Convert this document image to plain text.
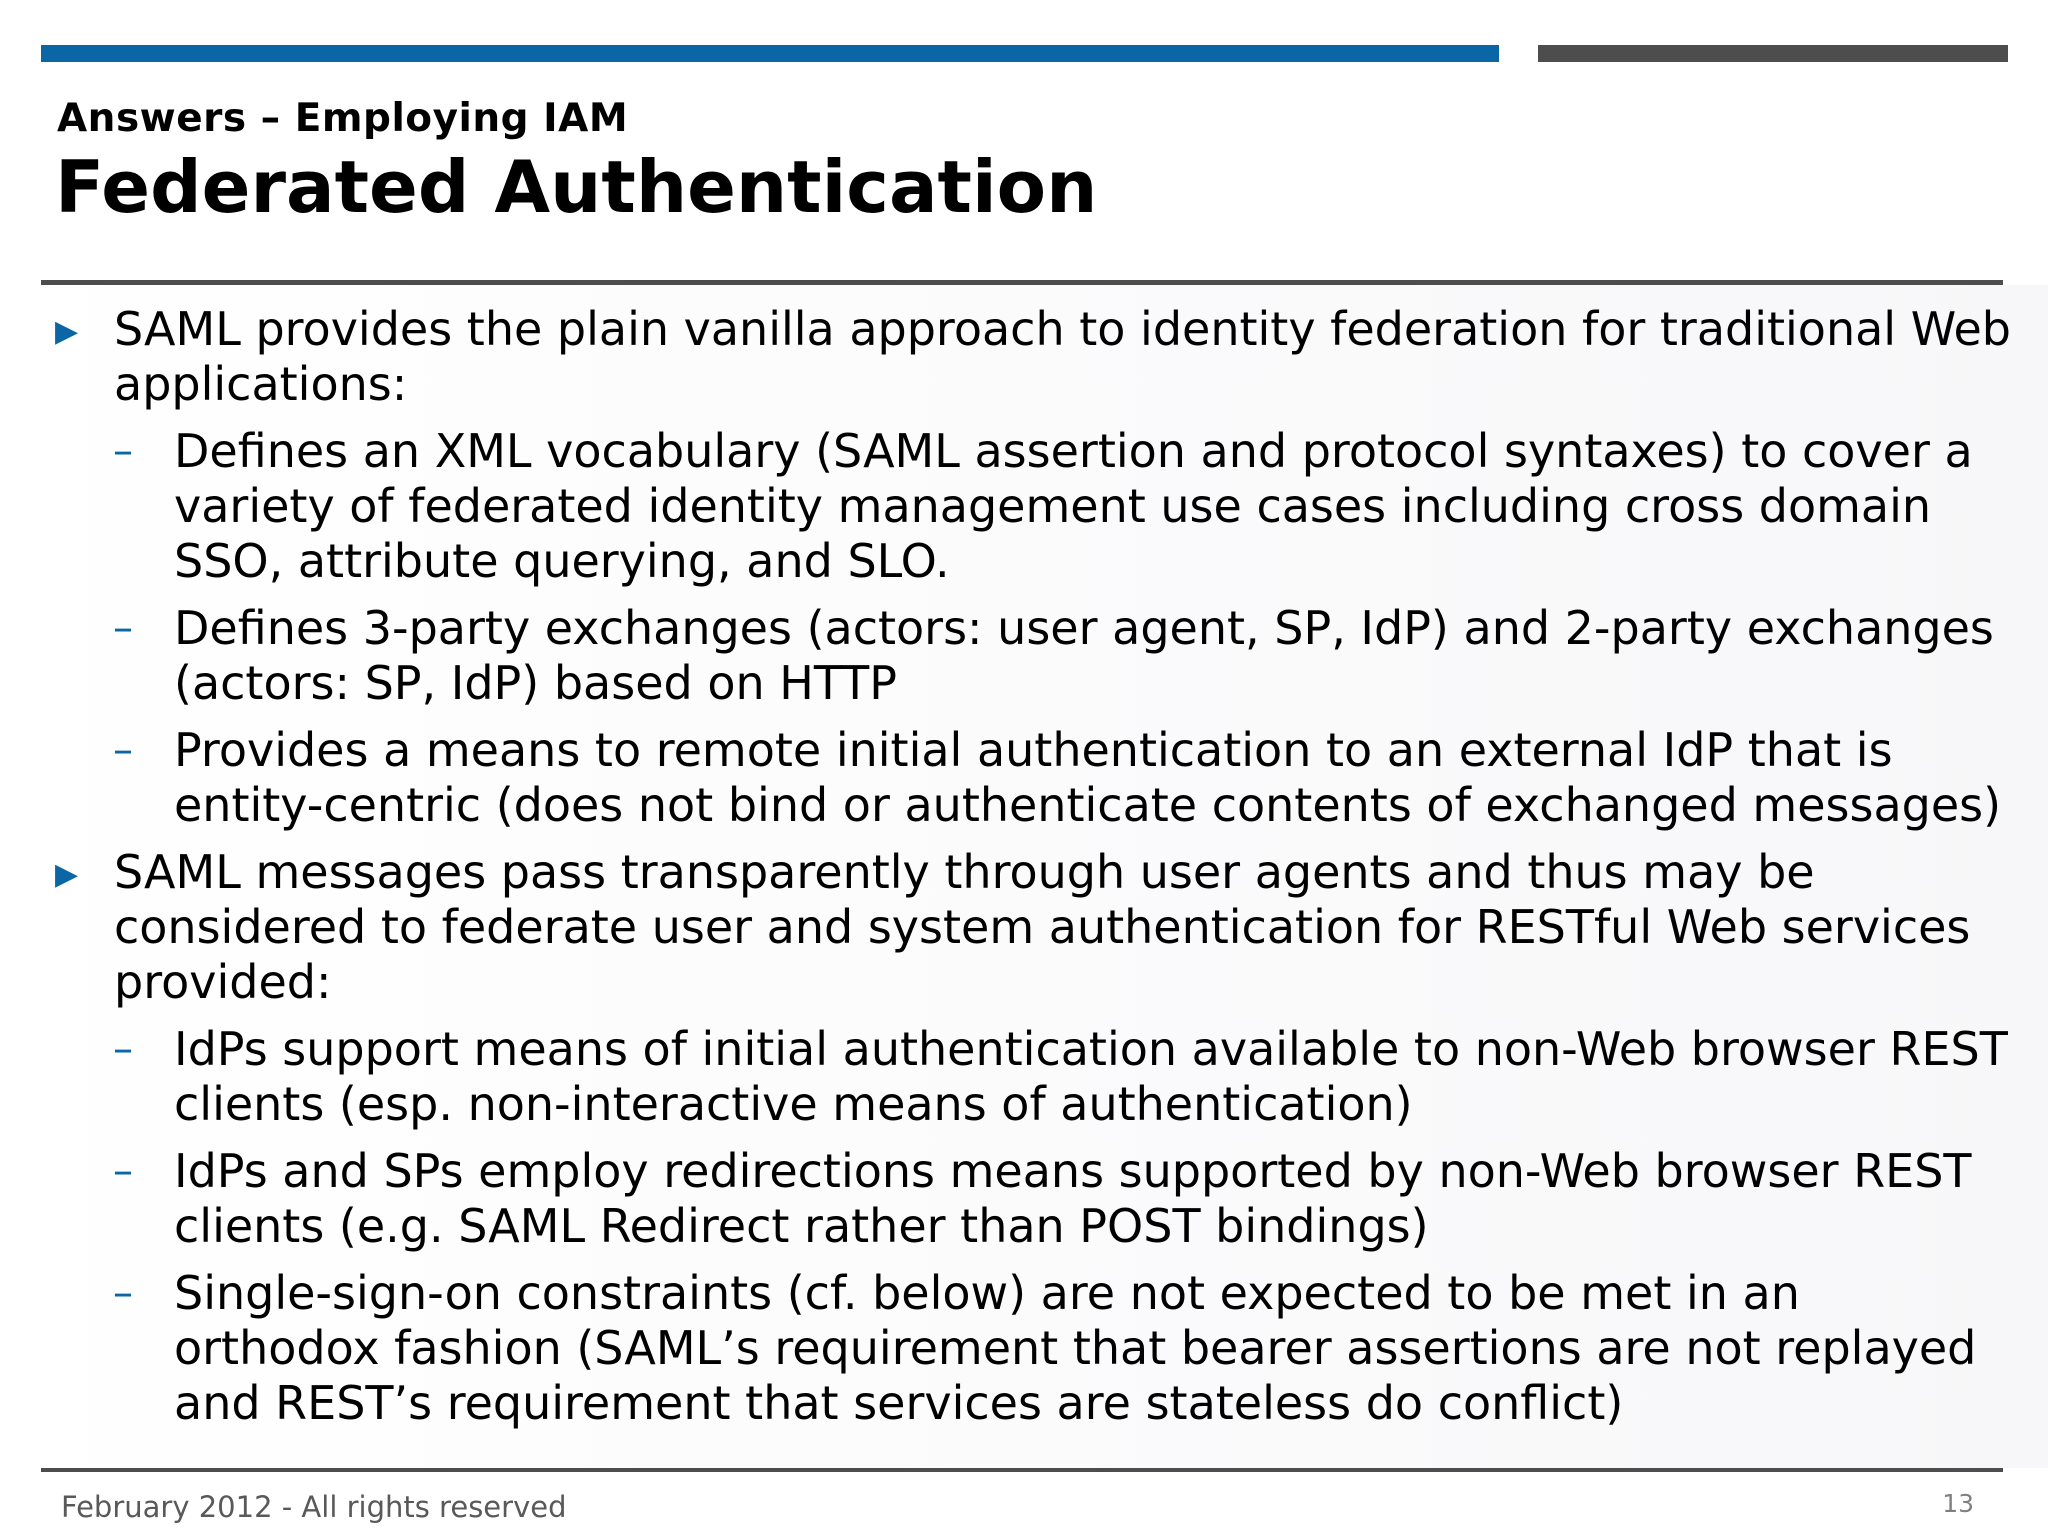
Answers – Employing IAM
Federated Authentication
▶ SAML provides the plain vanilla approach to identity federation for traditional Web applications:
– Defines an XML vocabulary (SAML assertion and protocol syntaxes) to cover a variety of federated identity management use cases including cross domain SSO, attribute querying, and SLO.
– Defines 3-party exchanges (actors: user agent, SP, IdP) and 2-party exchanges (actors: SP, IdP) based on HTTP
– Provides a means to remote initial authentication to an external IdP that is entity-centric (does not bind or authenticate contents of exchanged messages)
▶ SAML messages pass transparently through user agents and thus may be considered to federate user and system authentication for RESTful Web services provided:
– IdPs support means of initial authentication available to non-Web browser REST clients (esp. non-interactive means of authentication)
– IdPs and SPs employ redirections means supported by non-Web browser REST clients (e.g. SAML Redirect rather than POST bindings)
– Single-sign-on constraints (cf. below) are not expected to be met in an orthodox fashion (SAML’s requirement that bearer assertions are not replayed and REST’s requirement that services are stateless do conflict)
February 2012 - All rights reserved	13
